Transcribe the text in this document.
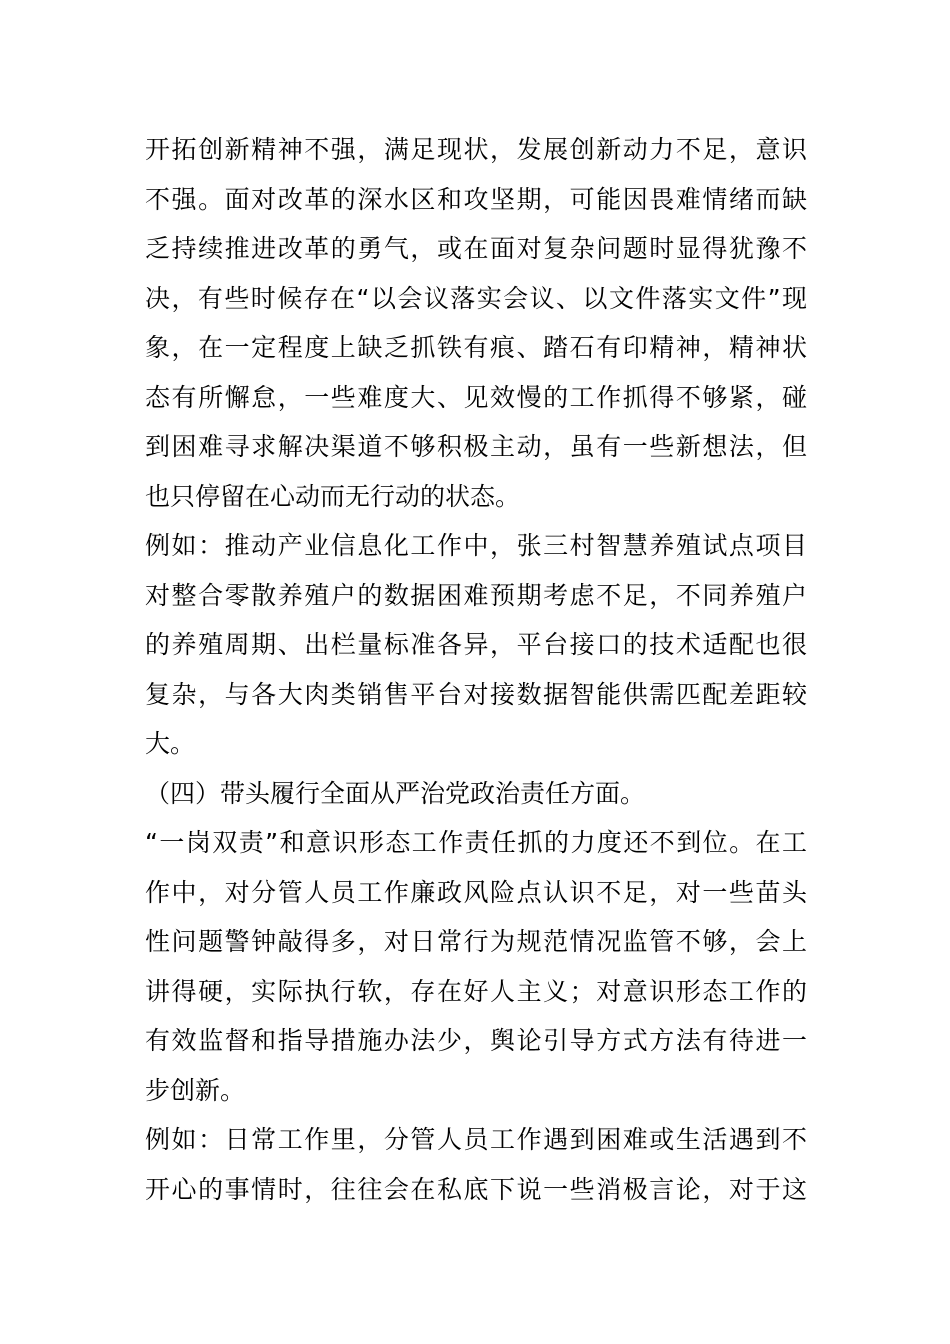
开拓创新精神不强，满足现状，发展创新动力不足，意识
不强。面对改革的深水区和攻坚期，可能因畏难情绪而缺
乏持续推进改革的勇气，或在面对复杂问题时显得犹豫不
决，有些时候存在“以会议落实会议、以文件落实文件”现
象，在一定程度上缺乏抓铁有痕、踏石有印精神，精神状
态有所懈怠，一些难度大、见效慢的工作抓得不够紧，碰
到困难寻求解决渠道不够积极主动，虽有一些新想法，但
也只停留在心动而无行动的状态。
例如：推动产业信息化工作中，张三村智慧养殖试点项目
对整合零散养殖户的数据困难预期考虑不足，不同养殖户
的养殖周期、出栏量标准各异，平台接口的技术适配也很
复杂，与各大肉类销售平台对接数据智能供需匹配差距较
大。
（四）带头履行全面从严治党政治责任方面。
“一岗双责”和意识形态工作责任抓的力度还不到位。在工
作中，对分管人员工作廉政风险点认识不足，对一些苗头
性问题警钟敲得多，对日常行为规范情况监管不够，会上
讲得硬，实际执行软，存在好人主义；对意识形态工作的
有效监督和指导措施办法少，舆论引导方式方法有待进一
步创新。
例如：日常工作里，分管人员工作遇到困难或生活遇到不
开心的事情时，往往会在私底下说一些消极言论，对于这
